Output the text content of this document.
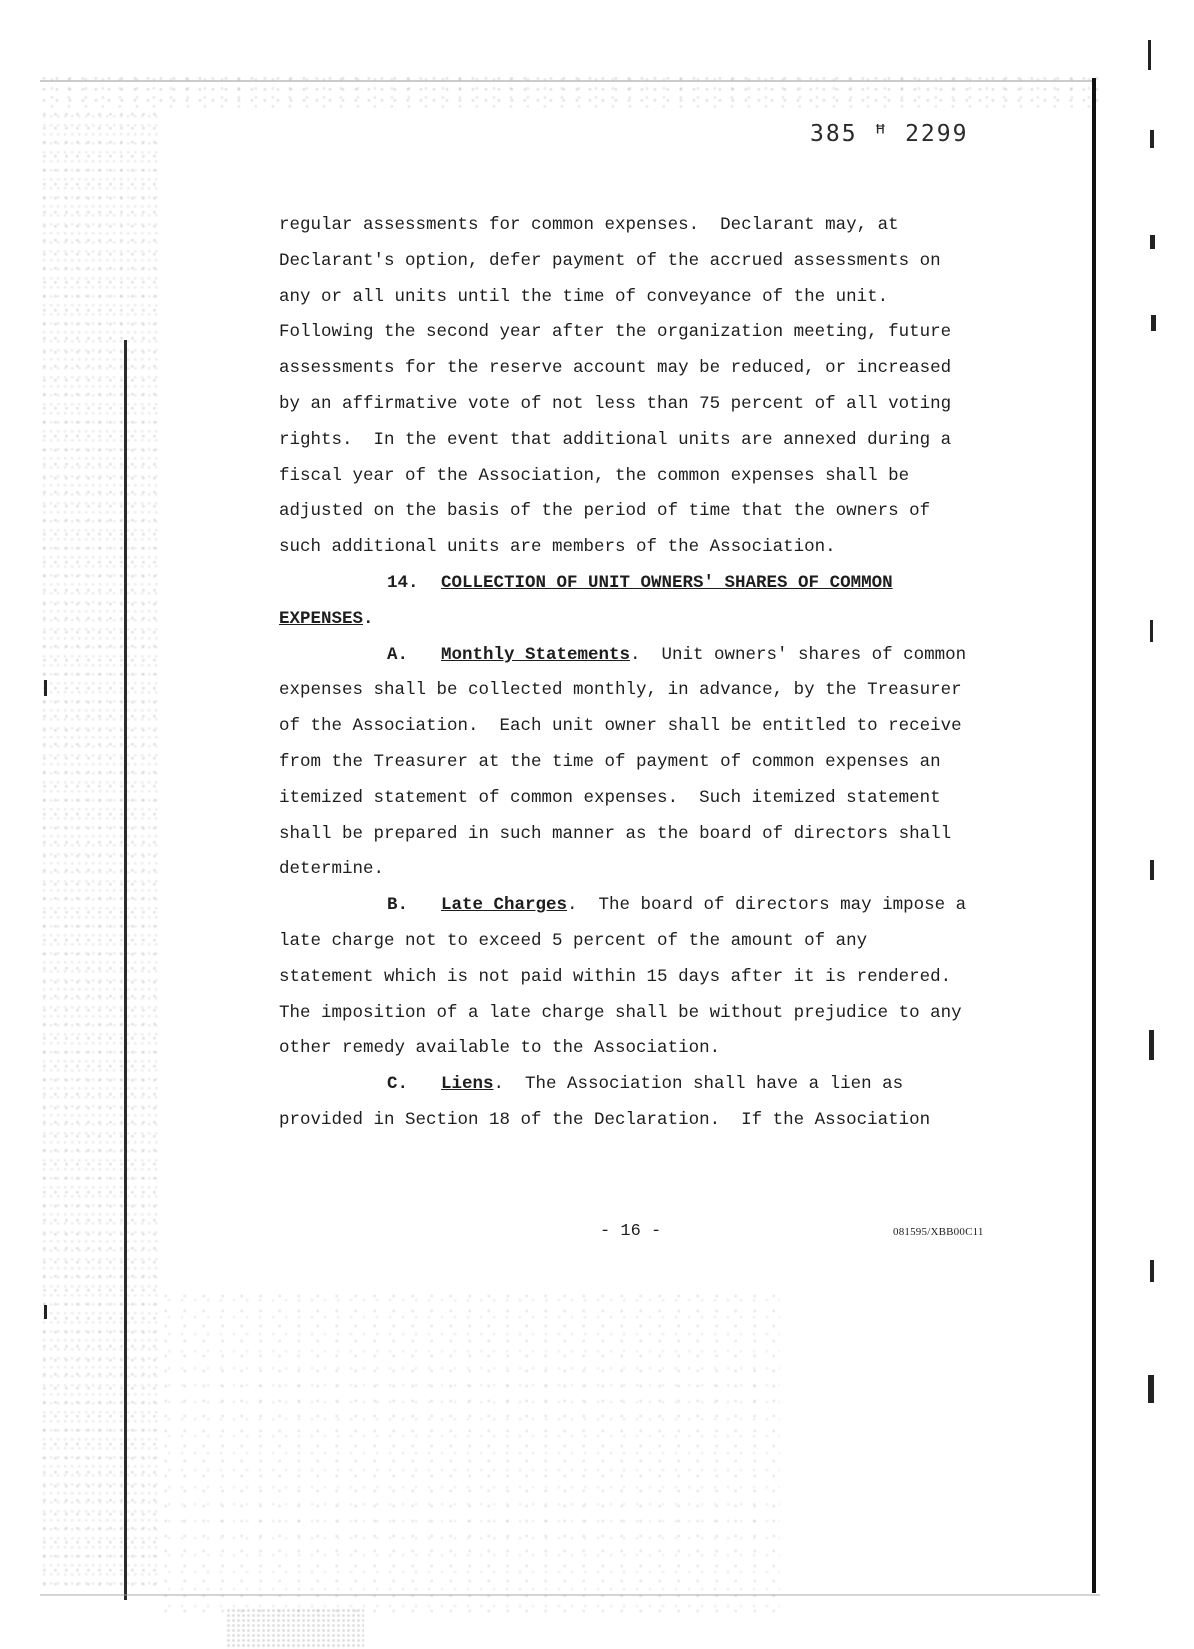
385 ꟸ 2299
regular assessments for common expenses.  Declarant may, at
Declarant's option, defer payment of the accrued assessments on
any or all units until the time of conveyance of the unit.
Following the second year after the organization meeting, future
assessments for the reserve account may be reduced, or increased
by an affirmative vote of not less than 75 percent of all voting
rights.  In the event that additional units are annexed during a
fiscal year of the Association, the common expenses shall be
adjusted on the basis of the period of time that the owners of
such additional units are members of the Association.
14. COLLECTION OF UNIT OWNERS' SHARES OF COMMON
EXPENSES.
A. Monthly Statements.  Unit owners' shares of common
expenses shall be collected monthly, in advance, by the Treasurer
of the Association.  Each unit owner shall be entitled to receive
from the Treasurer at the time of payment of common expenses an
itemized statement of common expenses.  Such itemized statement
shall be prepared in such manner as the board of directors shall
determine.
B. Late Charges.  The board of directors may impose a
late charge not to exceed 5 percent of the amount of any
statement which is not paid within 15 days after it is rendered.
The imposition of a late charge shall be without prejudice to any
other remedy available to the Association.
C. Liens.  The Association shall have a lien as
provided in Section 18 of the Declaration.  If the Association
- 16 -	081595/XBB00C11
